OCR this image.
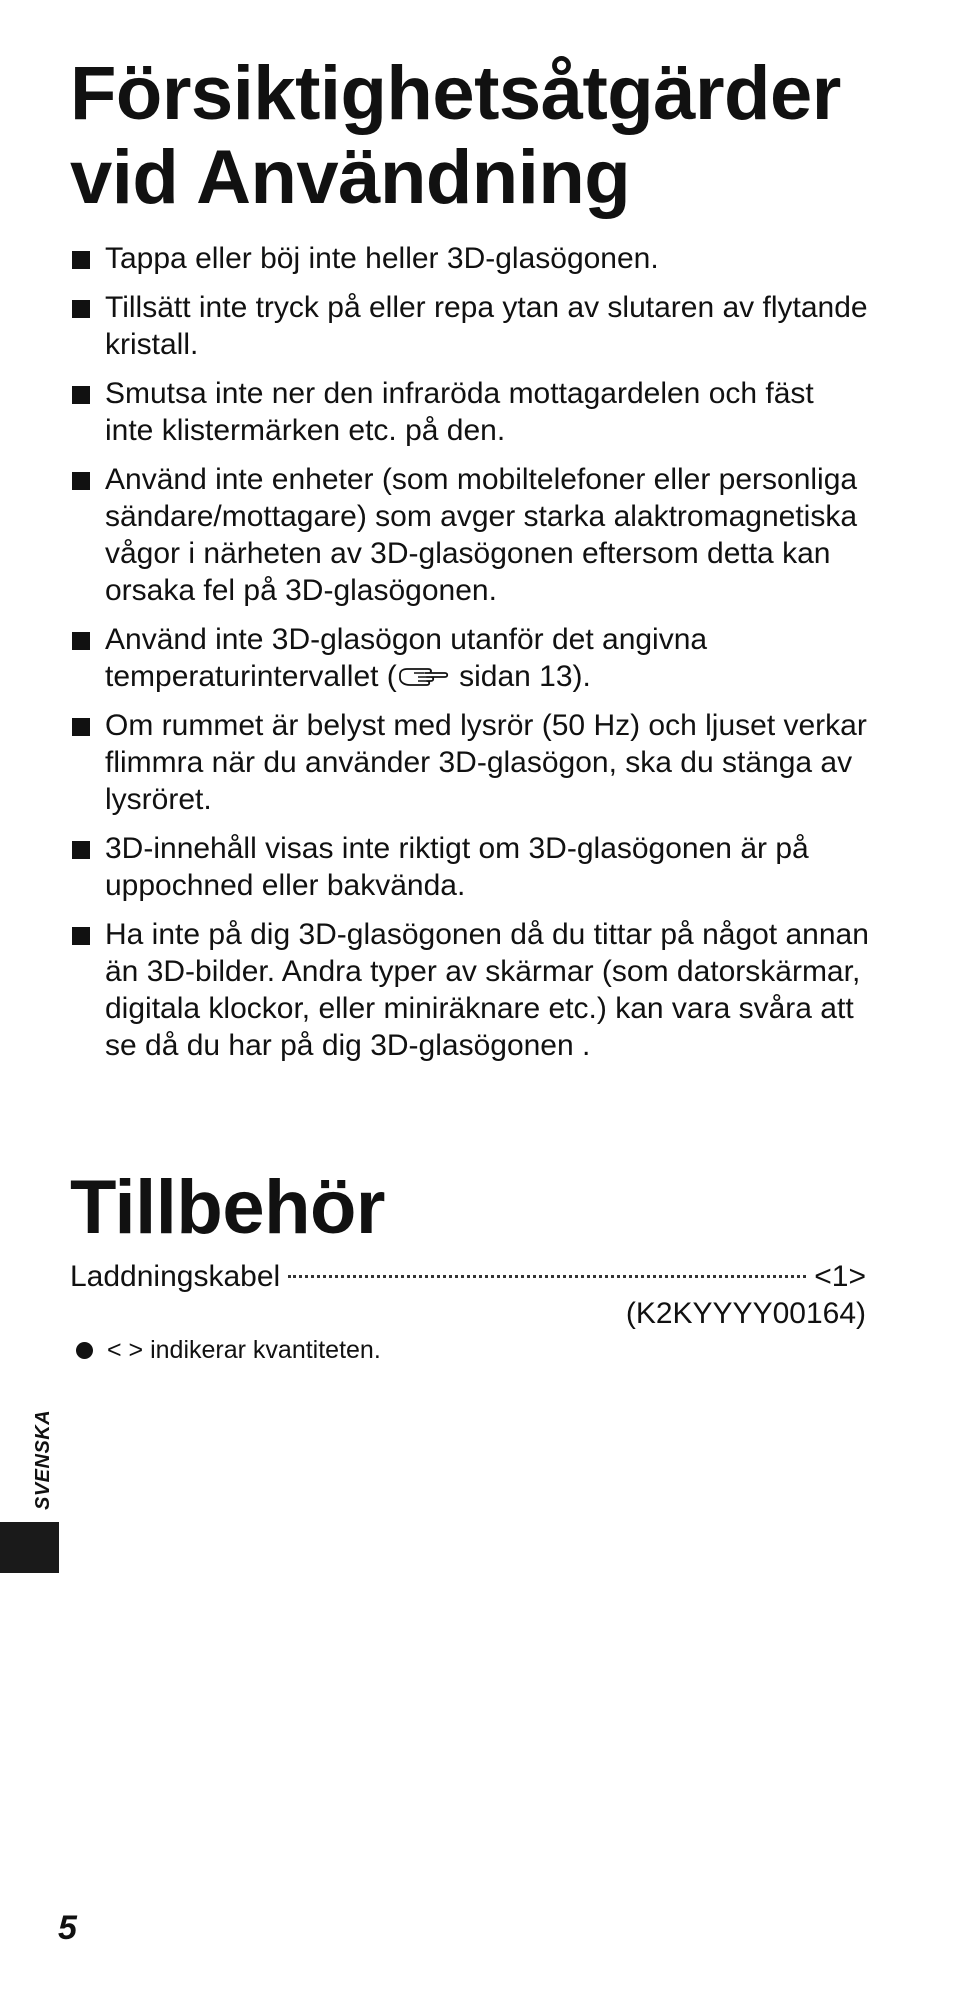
Försiktighetsåtgärder vid Användning
Tappa eller böj inte heller 3D-glasögonen.
Tillsätt inte tryck på eller repa ytan av slutaren av flytande kristall.
Smutsa inte ner den infraröda mottagardelen och fäst inte klistermärken etc. på den.
Använd inte enheter (som mobiltelefoner eller personliga sändare/mottagare) som avger starka alaktromagnetiska vågor i närheten av 3D-glasögonen eftersom detta kan orsaka fel på 3D-glasögonen.
Använd inte 3D-glasögon utanför det angivna temperaturintervallet ( sidan 13).
Om rummet är belyst med lysrör (50 Hz) och ljuset verkar flimmra när du använder 3D-glasögon, ska du stänga av lysröret.
3D-innehåll visas inte riktigt om 3D-glasögonen är på uppochned eller bakvända.
Ha inte på dig 3D-glasögonen då du tittar på något annan än 3D-bilder. Andra typer av skärmar (som datorskärmar, digitala klockor, eller miniräknare etc.) kan vara svåra att se då du har på dig 3D-glasögonen .
Tillbehör
Laddningskabel	<1>
(K2KYYYY00164)
< > indikerar kvantiteten.
SVENSKA
5
